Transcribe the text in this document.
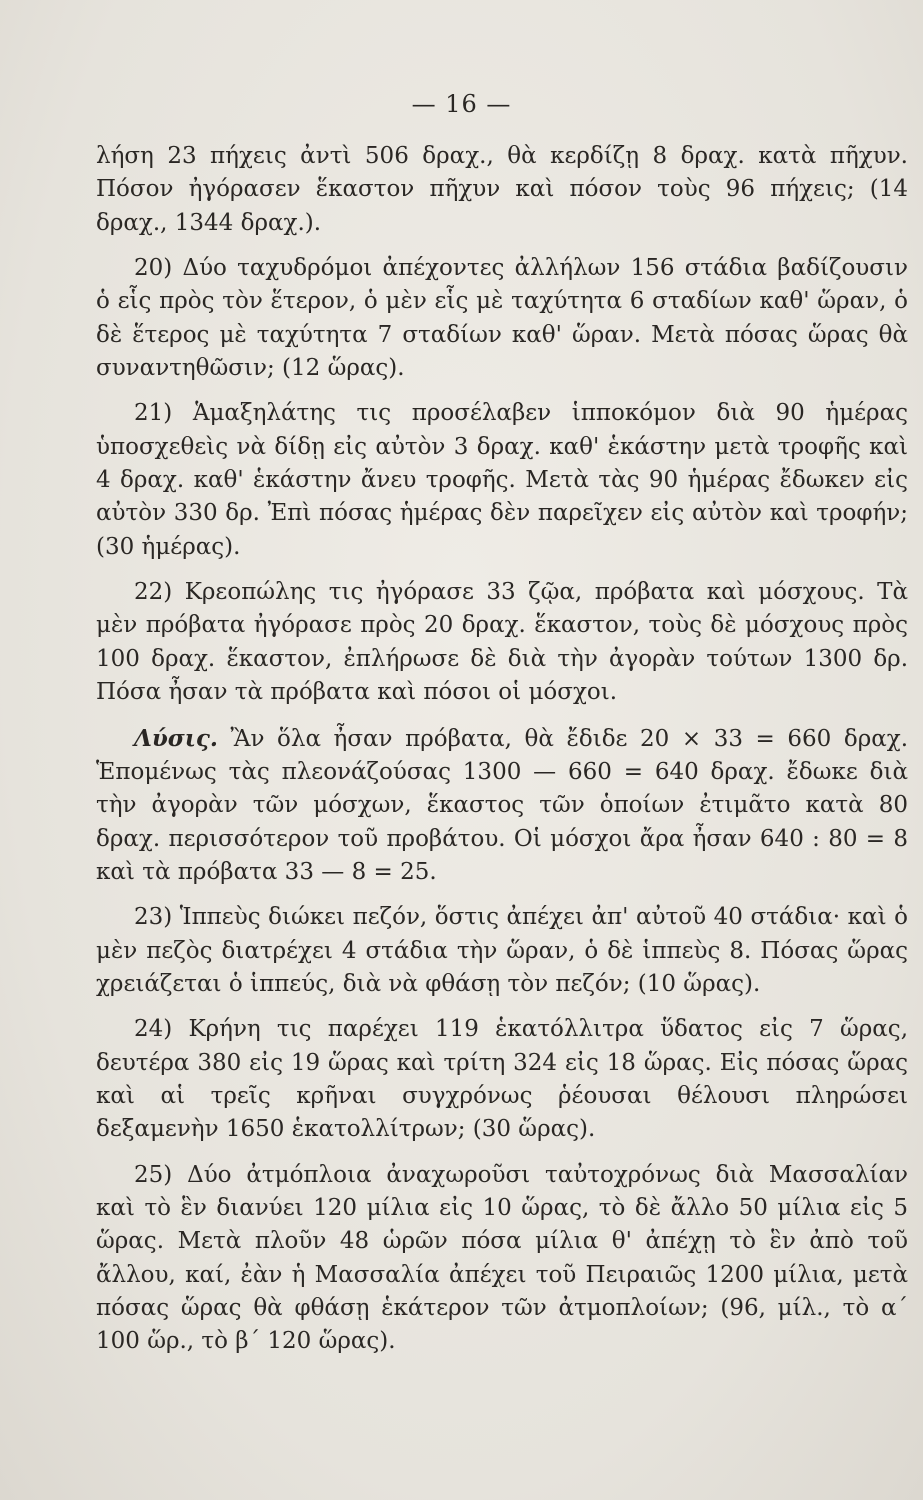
— 16 —

λήση 23 πήχεις ἀντὶ 506 δραχ., θὰ κερδίζῃ 8 δραχ. κατὰ πῆχυν. Πόσον ἠγόρασεν ἕκαστον πῆχυν καὶ πόσον τοὺς 96 πήχεις; (14 δραχ., 1344 δραχ.).

20) Δύο ταχυδρόμοι ἀπέχοντες ἀλλήλων 156 στάδια βαδίζουσιν ὁ εἷς πρὸς τὸν ἕτερον, ὁ μὲν εἷς μὲ ταχύτητα 6 σταδίων καθ' ὥραν, ὁ δὲ ἕτερος μὲ ταχύτητα 7 σταδίων καθ' ὥραν. Μετὰ πόσας ὥρας θὰ συναντηθῶσιν; (12 ὥρας).

21) Ἁμαξηλάτης τις προσέλαβεν ἱπποκόμον διὰ 90 ἡμέρας ὑποσχεθεὶς νὰ δίδῃ εἰς αὐτὸν 3 δραχ. καθ' ἑκάστην μετὰ τροφῆς καὶ 4 δραχ. καθ' ἑκάστην ἄνευ τροφῆς. Μετὰ τὰς 90 ἡμέρας ἔδωκεν εἰς αὐτὸν 330 δρ. Ἐπὶ πόσας ἡμέρας δὲν παρεῖχεν εἰς αὐτὸν καὶ τροφήν; (30 ἡμέρας).

22) Κρεοπώλης τις ἠγόρασε 33 ζῷα, πρόβατα καὶ μόσχους. Τὰ μὲν πρόβατα ἠγόρασε πρὸς 20 δραχ. ἕκαστον, τοὺς δὲ μόσχους πρὸς 100 δραχ. ἕκαστον, ἐπλήρωσε δὲ διὰ τὴν ἀγορὰν τούτων 1300 δρ. Πόσα ἦσαν τὰ πρόβατα καὶ πόσοι οἱ μόσχοι.

Λύσις. Ἂν ὅλα ἦσαν πρόβατα, θὰ ἔδιδε 20 × 33 = 660 δραχ. Ἑπομένως τὰς πλεονάζούσας 1300 — 660 = 640 δραχ. ἔδωκε διὰ τὴν ἀγορὰν τῶν μόσχων, ἕκαστος τῶν ὁποίων ἐτιμᾶτο κατὰ 80 δραχ. περισσότερον τοῦ προβάτου. Οἱ μόσχοι ἄρα ἦσαν 640 : 80 = 8 καὶ τὰ πρόβατα 33 — 8 = 25.

23) Ἱππεὺς διώκει πεζόν, ὅστις ἀπέχει ἀπ' αὐτοῦ 40 στάδια· καὶ ὁ μὲν πεζὸς διατρέχει 4 στάδια τὴν ὥραν, ὁ δὲ ἱππεὺς 8. Πόσας ὥρας χρειάζεται ὁ ἱππεύς, διὰ νὰ φθάσῃ τὸν πεζόν; (10 ὥρας).

24) Κρήνη τις παρέχει 119 ἑκατόλλιτρα ὕδατος εἰς 7 ὥρας, δευτέρα 380 εἰς 19 ὥρας καὶ τρίτη 324 εἰς 18 ὥρας. Εἰς πόσας ὥρας καὶ αἱ τρεῖς κρῆναι συγχρόνως ῥέουσαι θέλουσι πληρώσει δεξαμενὴν 1650 ἑκατολλίτρων; (30 ὥρας).

25) Δύο ἀτμόπλοια ἀναχωροῦσι ταὐτοχρόνως διὰ Μασσαλίαν καὶ τὸ ἓν διανύει 120 μίλια εἰς 10 ὥρας, τὸ δὲ ἄλλο 50 μίλια εἰς 5 ὥρας. Μετὰ πλοῦν 48 ὡρῶν πόσα μίλια θ' ἀπέχῃ τὸ ἓν ἀπὸ τοῦ ἄλλου, καί, ἐὰν ἡ Μασσαλία ἀπέχει τοῦ Πειραιῶς 1200 μίλια, μετὰ πόσας ὥρας θὰ φθάσῃ ἑκάτερον τῶν ἀτμοπλοίων; (96, μίλ., τὸ α΄ 100 ὥρ., τὸ β΄ 120 ὥρας).
